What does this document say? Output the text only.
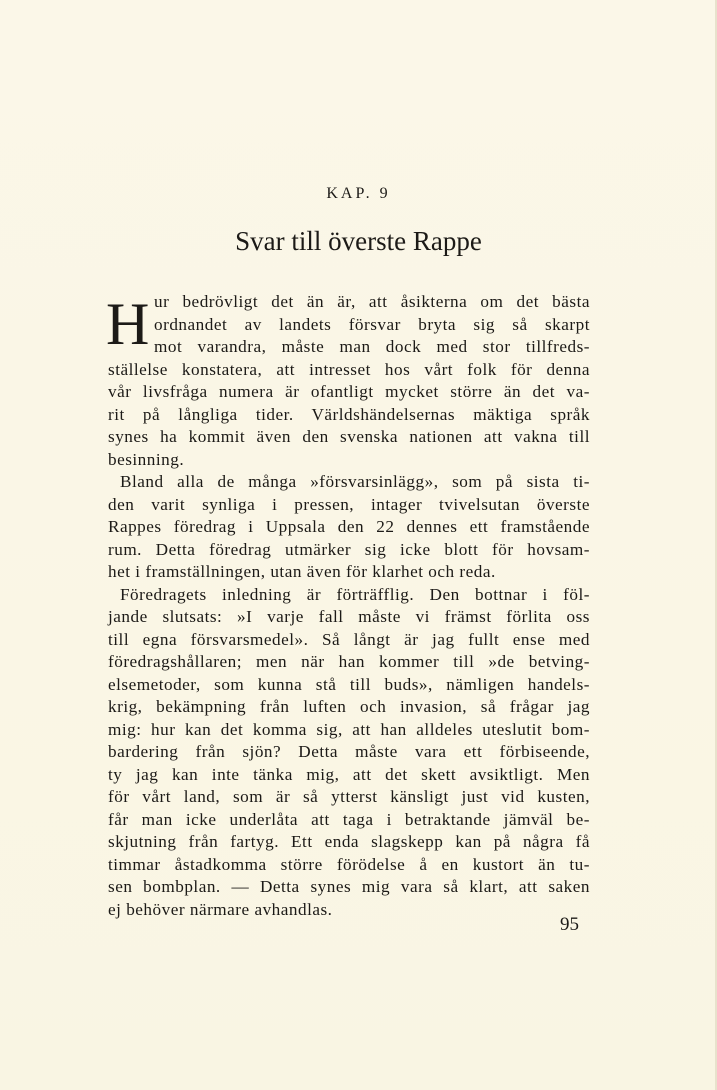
KAP. 9
Svar till överste Rappe
H ur bedrövligt det än är, att åsikterna om det bästa
ordnandet av landets försvar bryta sig så skarpt
mot varandra, måste man dock med stor tillfreds-
ställelse konstatera, att intresset hos vårt folk för denna
vår livsfråga numera är ofantligt mycket större än det va-
rit på långliga tider. Världshändelsernas mäktiga språk
synes ha kommit även den svenska nationen att vakna till
besinning.
Bland alla de många »försvarsinlägg», som på sista ti-
den varit synliga i pressen, intager tvivelsutan överste
Rappes föredrag i Uppsala den 22 dennes ett framstående
rum. Detta föredrag utmärker sig icke blott för hovsam-
het i framställningen, utan även för klarhet och reda.
Föredragets inledning är förträfflig. Den bottnar i föl-
jande slutsats: »I varje fall måste vi främst förlita oss
till egna försvarsmedel». Så långt är jag fullt ense med
föredragshållaren; men när han kommer till »de betving-
elsemetoder, som kunna stå till buds», nämligen handels-
krig, bekämpning från luften och invasion, så frågar jag
mig: hur kan det komma sig, att han alldeles uteslutit bom-
bardering från sjön? Detta måste vara ett förbiseende,
ty jag kan inte tänka mig, att det skett avsiktligt. Men
för vårt land, som är så ytterst känsligt just vid kusten,
får man icke underlåta att taga i betraktande jämväl be-
skjutning från fartyg. Ett enda slagskepp kan på några få
timmar åstadkomma större förödelse å en kustort än tu-
sen bombplan. — Detta synes mig vara så klart, att saken
ej behöver närmare avhandlas.
95
